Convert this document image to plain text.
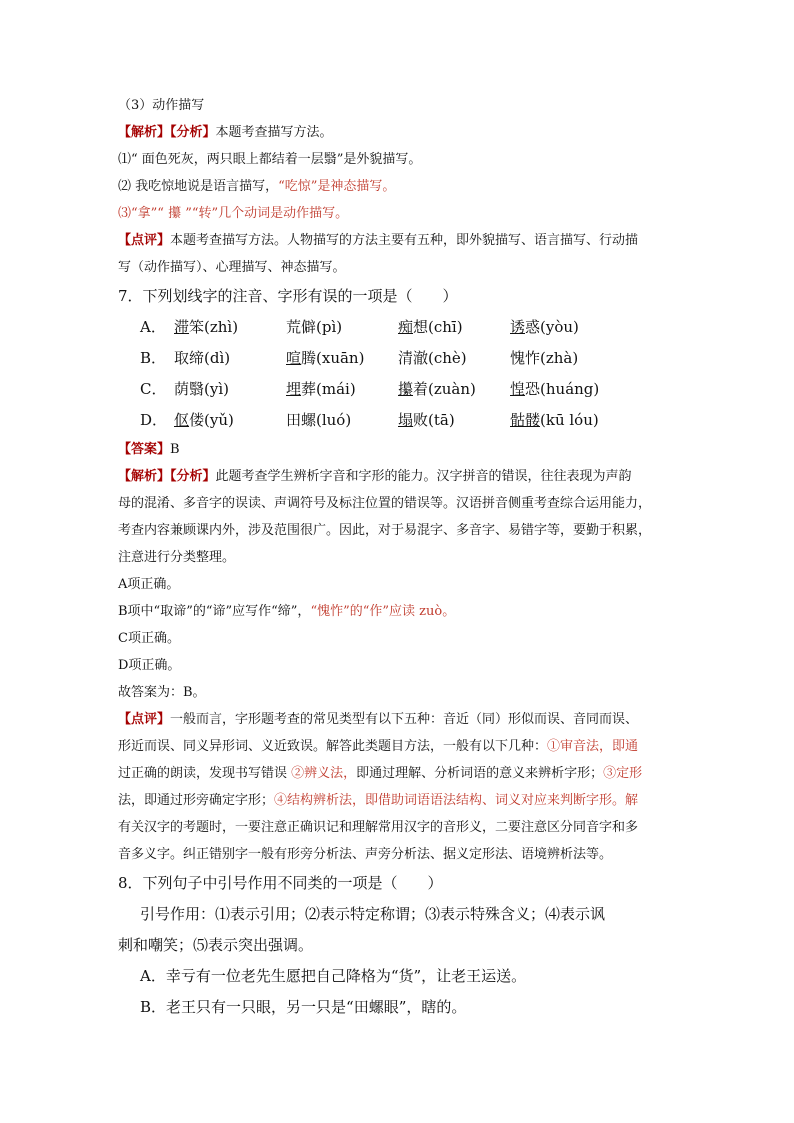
（3）动作描写
【解析】【分析】本题考查描写方法。
⑴“ 面色死灰，两只眼上都结着一层翳”是外貌描写。
⑵ 我吃惊地说是语言描写，“吃惊”是神态描写。
⑶“拿”“ 攥 ”“转”几个动词是动作描写。
【点评】本题考查描写方法。人物描写的方法主要有五种，即外貌描写、语言描写、行动描
写（动作描写）、心理描写、神态描写。
7．下列划线字的注音、字形有误的一项是（　　）
A． 滞笨(zhì)	荒僻(pì)	痴想(chī)	诱惑(yòu)
B． 取缔(dì)	喧腾(xuān)	清澈(chè)	愧怍(zhà)
C． 荫翳(yì)	埋葬(mái)	攥着(zuàn)	惶恐(huáng)
D． 伛偻(yǔ)	田螺(luó)	塌败(tā)	骷髅(kū lóu)
【答案】B
【解析】【分析】此题考查学生辨析字音和字形的能力。汉字拼音的错误，往往表现为声韵
母的混淆、多音字的误读、声调符号及标注位置的错误等。汉语拼音侧重考查综合运用能力，
考查内容兼顾课内外，涉及范围很广。因此，对于易混字、多音字、易错字等，要勤于积累，
注意进行分类整理。
A项正确。
B项中“取谛”的“谛”应写作“缔”，“愧怍”的“作”应读 zuò。
C项正确。
D项正确。
故答案为：B。
【点评】一般而言，字形题考查的常见类型有以下五种：音近（同）形似而误、音同而误、
形近而误、同义异形词、义近致误。解答此类题目方法，一般有以下几种：①审音法，即通
过正确的朗读，发现书写错误 ②辨义法，即通过理解、分析词语的意义来辨析字形；③定形
法，即通过形旁确定字形；④结构辨析法，即借助词语语法结构、词义对应来判断字形。解
有关汉字的考题时，一要注意正确识记和理解常用汉字的音形义，二要注意区分同音字和多
音多义字。纠正错别字一般有形旁分析法、声旁分析法、据义定形法、语境辨析法等。
8．下列句子中引号作用不同类的一项是（　　）
引号作用：⑴表示引用；⑵表示特定称谓；⑶表示特殊含义；⑷表示讽
刺和嘲笑；⑸表示突出强调。
A．幸亏有一位老先生愿把自己降格为“货”，让老王运送。
B．老王只有一只眼，另一只是“田螺眼”，瞎的。
